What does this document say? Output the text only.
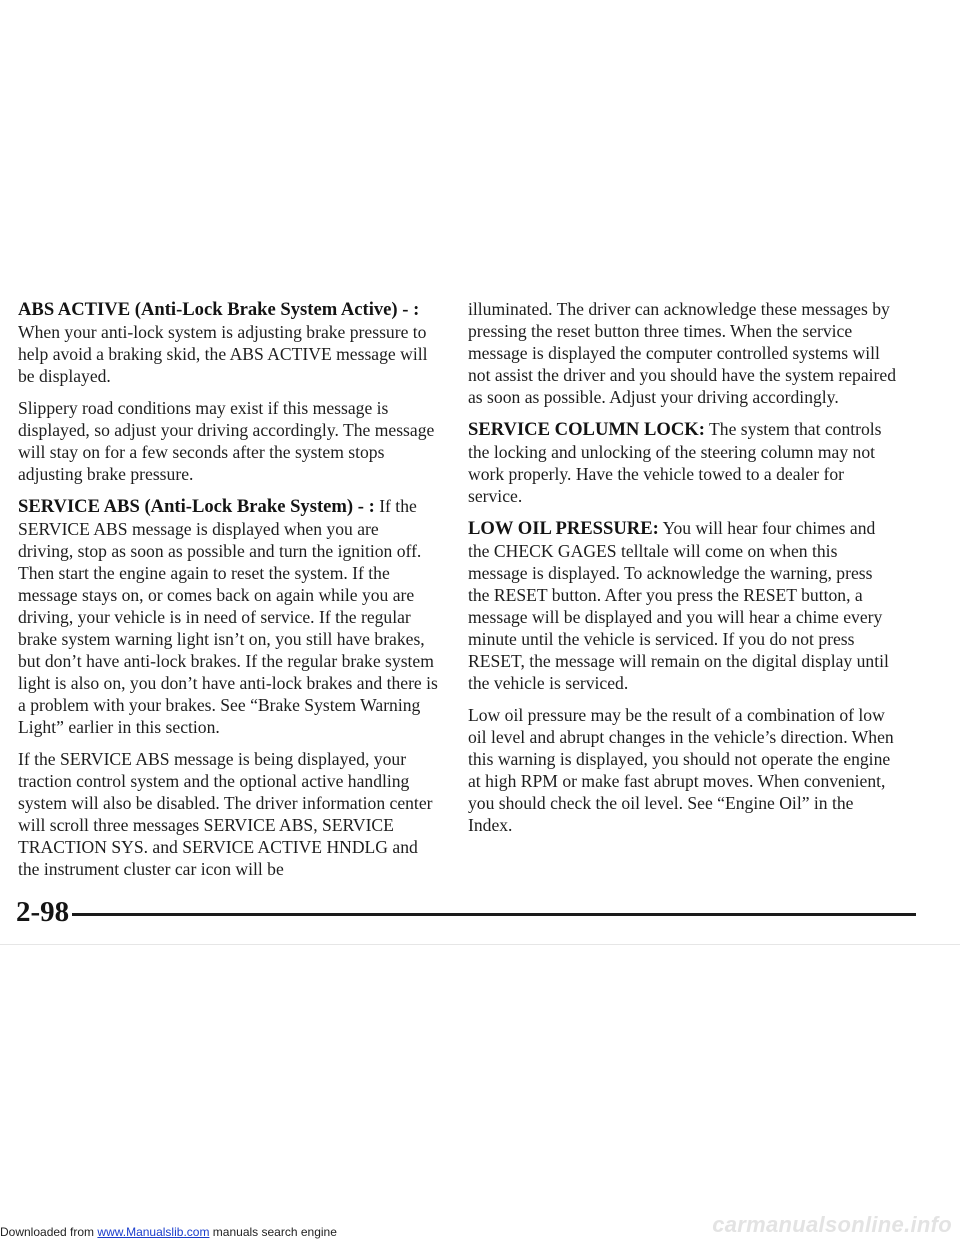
ABS ACTIVE (Anti-Lock Brake System Active) - :
When your anti-lock system is adjusting brake pressure to help avoid a braking skid, the ABS ACTIVE message will be displayed.

Slippery road conditions may exist if this message is displayed, so adjust your driving accordingly. The message will stay on for a few seconds after the system stops adjusting brake pressure.

SERVICE ABS (Anti-Lock Brake System) - : If the SERVICE ABS message is displayed when you are driving, stop as soon as possible and turn the ignition off. Then start the engine again to reset the system. If the message stays on, or comes back on again while you are driving, your vehicle is in need of service. If the regular brake system warning light isn’t on, you still have brakes, but don’t have anti-lock brakes. If the regular brake system light is also on, you don’t have anti-lock brakes and there is a problem with your brakes. See “Brake System Warning Light” earlier in this section.

If the SERVICE ABS message is being displayed, your traction control system and the optional active handling system will also be disabled. The driver information center will scroll three messages SERVICE ABS, SERVICE TRACTION SYS. and SERVICE ACTIVE HNDLG and the instrument cluster car icon will be

illuminated. The driver can acknowledge these messages by pressing the reset button three times. When the service message is displayed the computer controlled systems will not assist the driver and you should have the system repaired as soon as possible. Adjust your driving accordingly.

SERVICE COLUMN LOCK: The system that controls the locking and unlocking of the steering column may not work properly. Have the vehicle towed to a dealer for service.

LOW OIL PRESSURE: You will hear four chimes and the CHECK GAGES telltale will come on when this message is displayed. To acknowledge the warning, press the RESET button. After you press the RESET button, a message will be displayed and you will hear a chime every minute until the vehicle is serviced. If you do not press RESET, the message will remain on the digital display until the vehicle is serviced.

Low oil pressure may be the result of a combination of low oil level and abrupt changes in the vehicle’s direction. When this warning is displayed, you should not operate the engine at high RPM or make fast abrupt moves. When convenient, you should check the oil level. See “Engine Oil” in the Index.

2-98
Downloaded from www.Manualslib.com manuals search engine	carmanualsonline.info
